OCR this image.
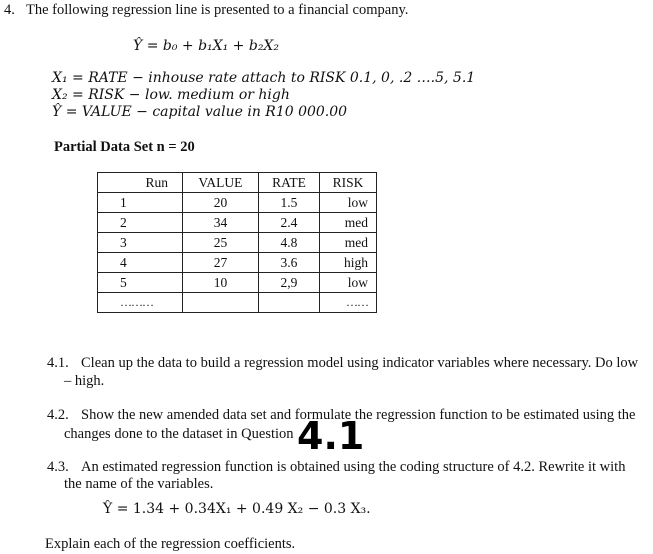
4. The following regression line is presented to a financial company.
Ŷ = b₀ + b₁X₁ + b₂X₂
X₁ = RATE − inhouse rate attach to RISK 0.1, 0, .2 ….5, 5.1
X₂ = RISK − low. medium or high
Ŷ = VALUE − capital value in R10 000.00
Partial Data Set n = 20
Run	VALUE	RATE	RISK
1	20	1.5	low
2	34	2.4	med
3	25	4.8	med
4	27	3.6	high
5	10	2,9	low
………			……
4.1. Clean up the data to build a regression model using indicator variables where necessary. Do low
– high.
4.2. Show the new amended data set and formulate the regression function to be estimated using the
changes done to the dataset in Question 4.1
4.3. An estimated regression function is obtained using the coding structure of 4.2. Rewrite it with
the name of the variables.
Ŷ = 1.34 + 0.34X₁ + 0.49 X₂ − 0.3 X₃.
Explain each of the regression coefficients.
